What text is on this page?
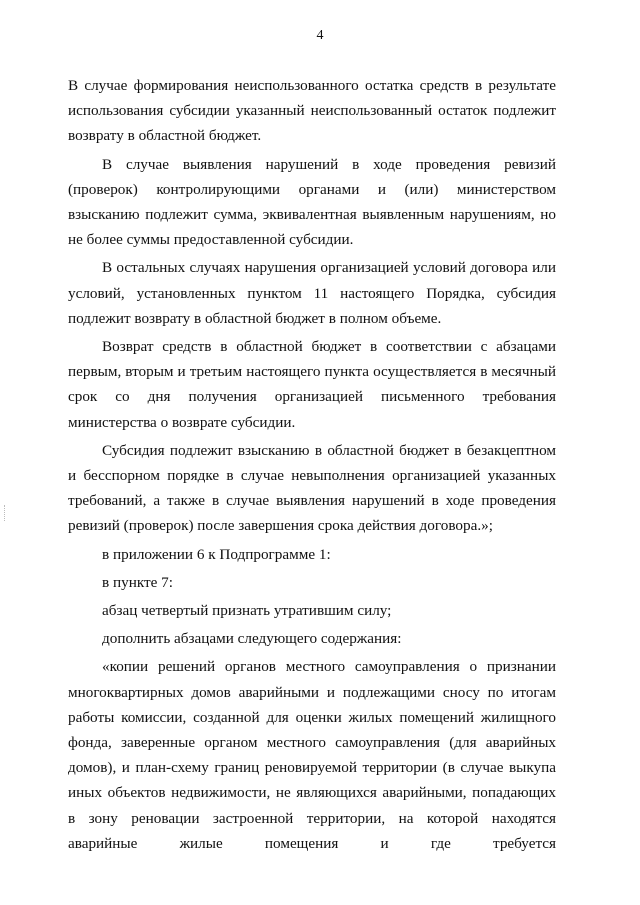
4

В случае формирования неиспользованного остатка средств в результате использования субсидии указанный неиспользованный остаток подлежит возврату в областной бюджет.

В случае выявления нарушений в ходе проведения ревизий (проверок) контролирующими органами и (или) министерством взысканию подлежит сумма, эквивалентная выявленным нарушениям, но не более суммы предоставленной субсидии.

В остальных случаях нарушения организацией условий договора или условий, установленных пунктом 11 настоящего Порядка, субсидия подлежит возврату в областной бюджет в полном объеме.

Возврат средств в областной бюджет в соответствии с абзацами первым, вторым и третьим настоящего пункта осуществляется в месячный срок со дня получения организацией письменного требования министерства о возврате субсидии.

Субсидия подлежит взысканию в областной бюджет в безакцептном и бесспорном порядке в случае невыполнения организацией указанных требований, а также в случае выявления нарушений в ходе проведения ревизий (проверок) после завершения срока действия договора.»;

в приложении 6 к Подпрограмме 1:

в пункте 7:

абзац четвертый признать утратившим силу;

дополнить абзацами следующего содержания:

«копии решений органов местного самоуправления о признании многоквартирных домов аварийными и подлежащими сносу по итогам работы комиссии, созданной для оценки жилых помещений жилищного фонда, заверенные органом местного самоуправления (для аварийных домов), и план-схему границ реновируемой территории (в случае выкупа иных объектов недвижимости, не являющихся аварийными, попадающих в зону реновации застроенной территории, на которой находятся аварийные жилые помещения и где требуется
